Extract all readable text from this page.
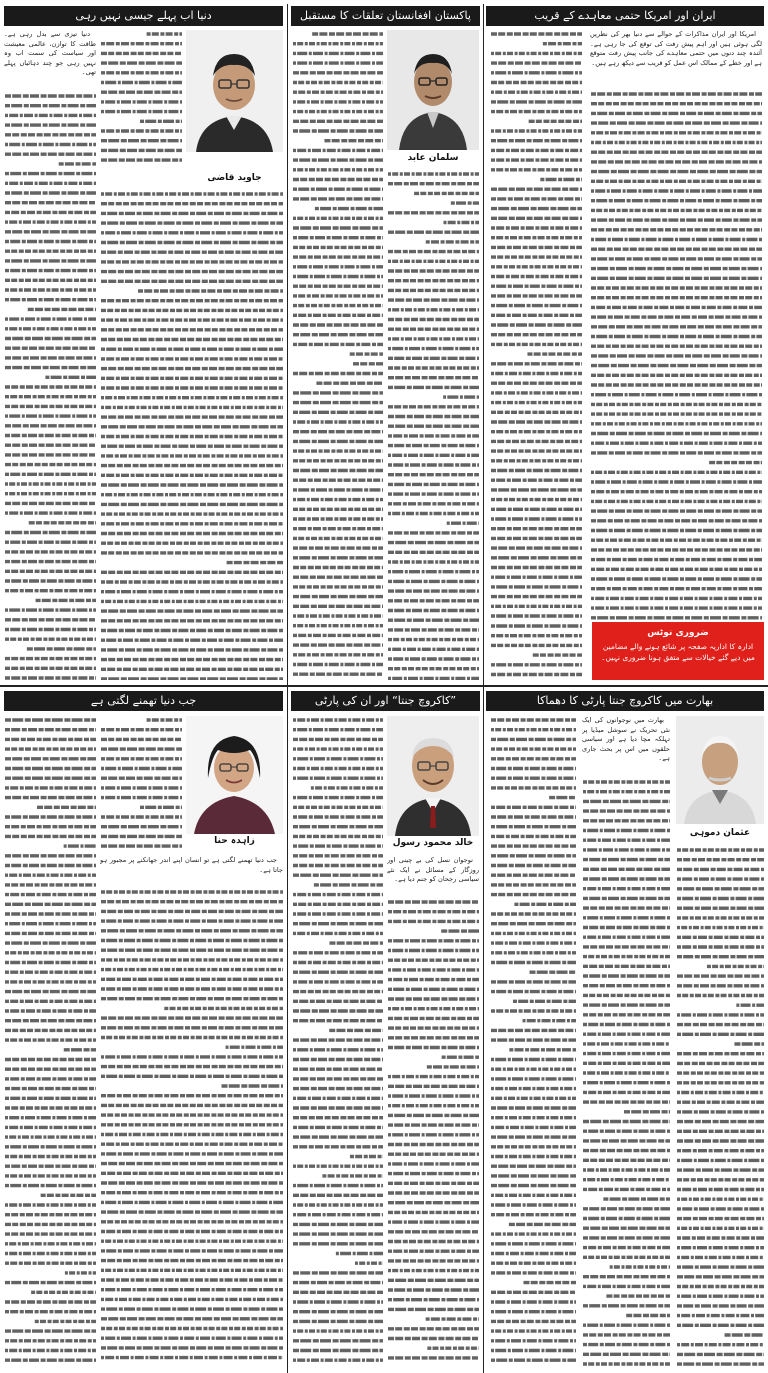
ایران اور امریکا حتمی معاہدے کے قریب

امریکا اور ایران مذاکرات کے حوالے سے دنیا بھر کی نظریں لگی ہوئی ہیں اور اہم پیش رفت کی توقع کی جا رہی ہے۔ آئندہ چند دنوں میں حتمی معاہدے کی جانب پیش رفت متوقع ہے اور خطے کے ممالک اس عمل کو قریب سے دیکھ رہے ہیں۔

ضروری نوٹس
ادارہ کا اداریہ صفحہ پر شائع ہونے والے مضامین میں دیے گئے خیالات سے متفق ہونا ضروری نہیں۔
پاکستان افغانستان تعلقات کا مستقبل
سلمان عابد
دنیا اب پہلے جیسی نہیں رہی

دنیا تیزی سے بدل رہی ہے۔ طاقت کا توازن، عالمی معیشت اور سیاست کی سمت اب وہ نہیں رہی جو چند دہائیاں پہلے تھی۔

جاوید قاضی
بھارت میں کاکروچ جنتا پارٹی کا دھماکا
عثمان دموہی

بھارت میں نوجوانوں کی ایک نئی تحریک نے سوشل میڈیا پر تہلکہ مچا دیا ہے اور سیاسی حلقوں میں اس پر بحث جاری ہے۔

”کاکروچ جنتا“ اور ان کی پارٹی
خالد محمود رسول

نوجوان نسل کی بے چینی اور روزگار کے مسائل نے ایک نئے سیاسی رجحان کو جنم دیا ہے۔

جب دنیا تھمنے لگتی ہے
زاہدہ حنا

جب دنیا تھمنے لگتی ہے تو انسان اپنے اندر جھانکنے پر مجبور ہو جاتا ہے۔
